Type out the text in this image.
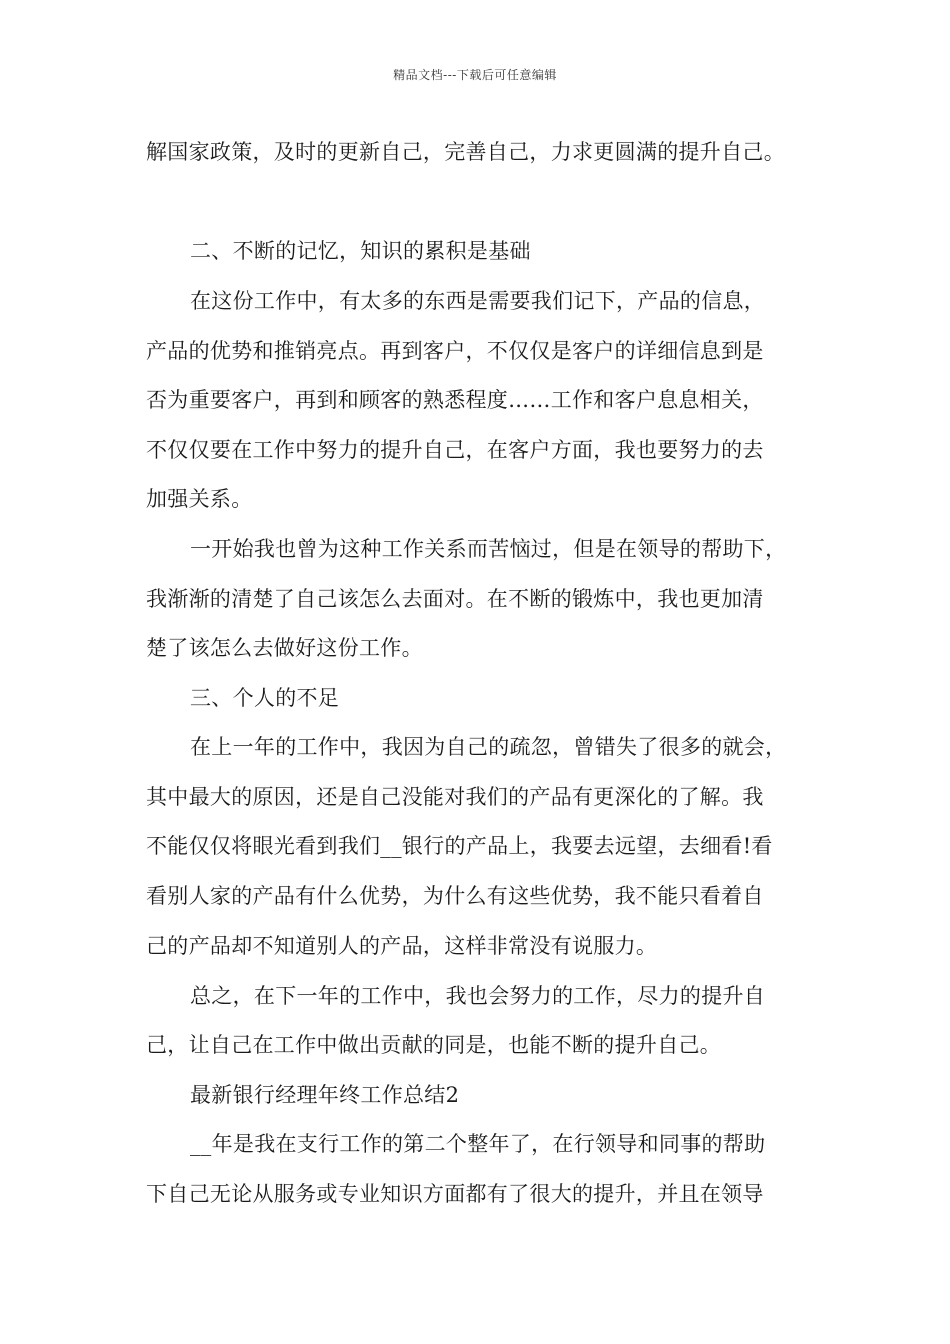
精品文档---下载后可任意编辑
解国家政策，及时的更新自己，完善自己，力求更圆满的提升自己。
二、不断的记忆，知识的累积是基础
在这份工作中，有太多的东西是需要我们记下，产品的信息，
产品的优势和推销亮点。再到客户，不仅仅是客户的详细信息到是
否为重要客户，再到和顾客的熟悉程度……工作和客户息息相关，
不仅仅要在工作中努力的提升自己，在客户方面，我也要努力的去
加强关系。
一开始我也曾为这种工作关系而苦恼过，但是在领导的帮助下，
我渐渐的清楚了自己该怎么去面对。在不断的锻炼中，我也更加清
楚了该怎么去做好这份工作。
三、个人的不足
在上一年的工作中，我因为自己的疏忽，曾错失了很多的就会，
其中最大的原因，还是自己没能对我们的产品有更深化的了解。我
不能仅仅将眼光看到我们__银行的产品上，我要去远望，去细看!看
看别人家的产品有什么优势，为什么有这些优势，我不能只看着自
己的产品却不知道别人的产品，这样非常没有说服力。
总之，在下一年的工作中，我也会努力的工作，尽力的提升自
己，让自己在工作中做出贡献的同是，也能不断的提升自己。
最新银行经理年终工作总结2
__年是我在支行工作的第二个整年了，在行领导和同事的帮助
下自己无论从服务或专业知识方面都有了很大的提升，并且在领导
